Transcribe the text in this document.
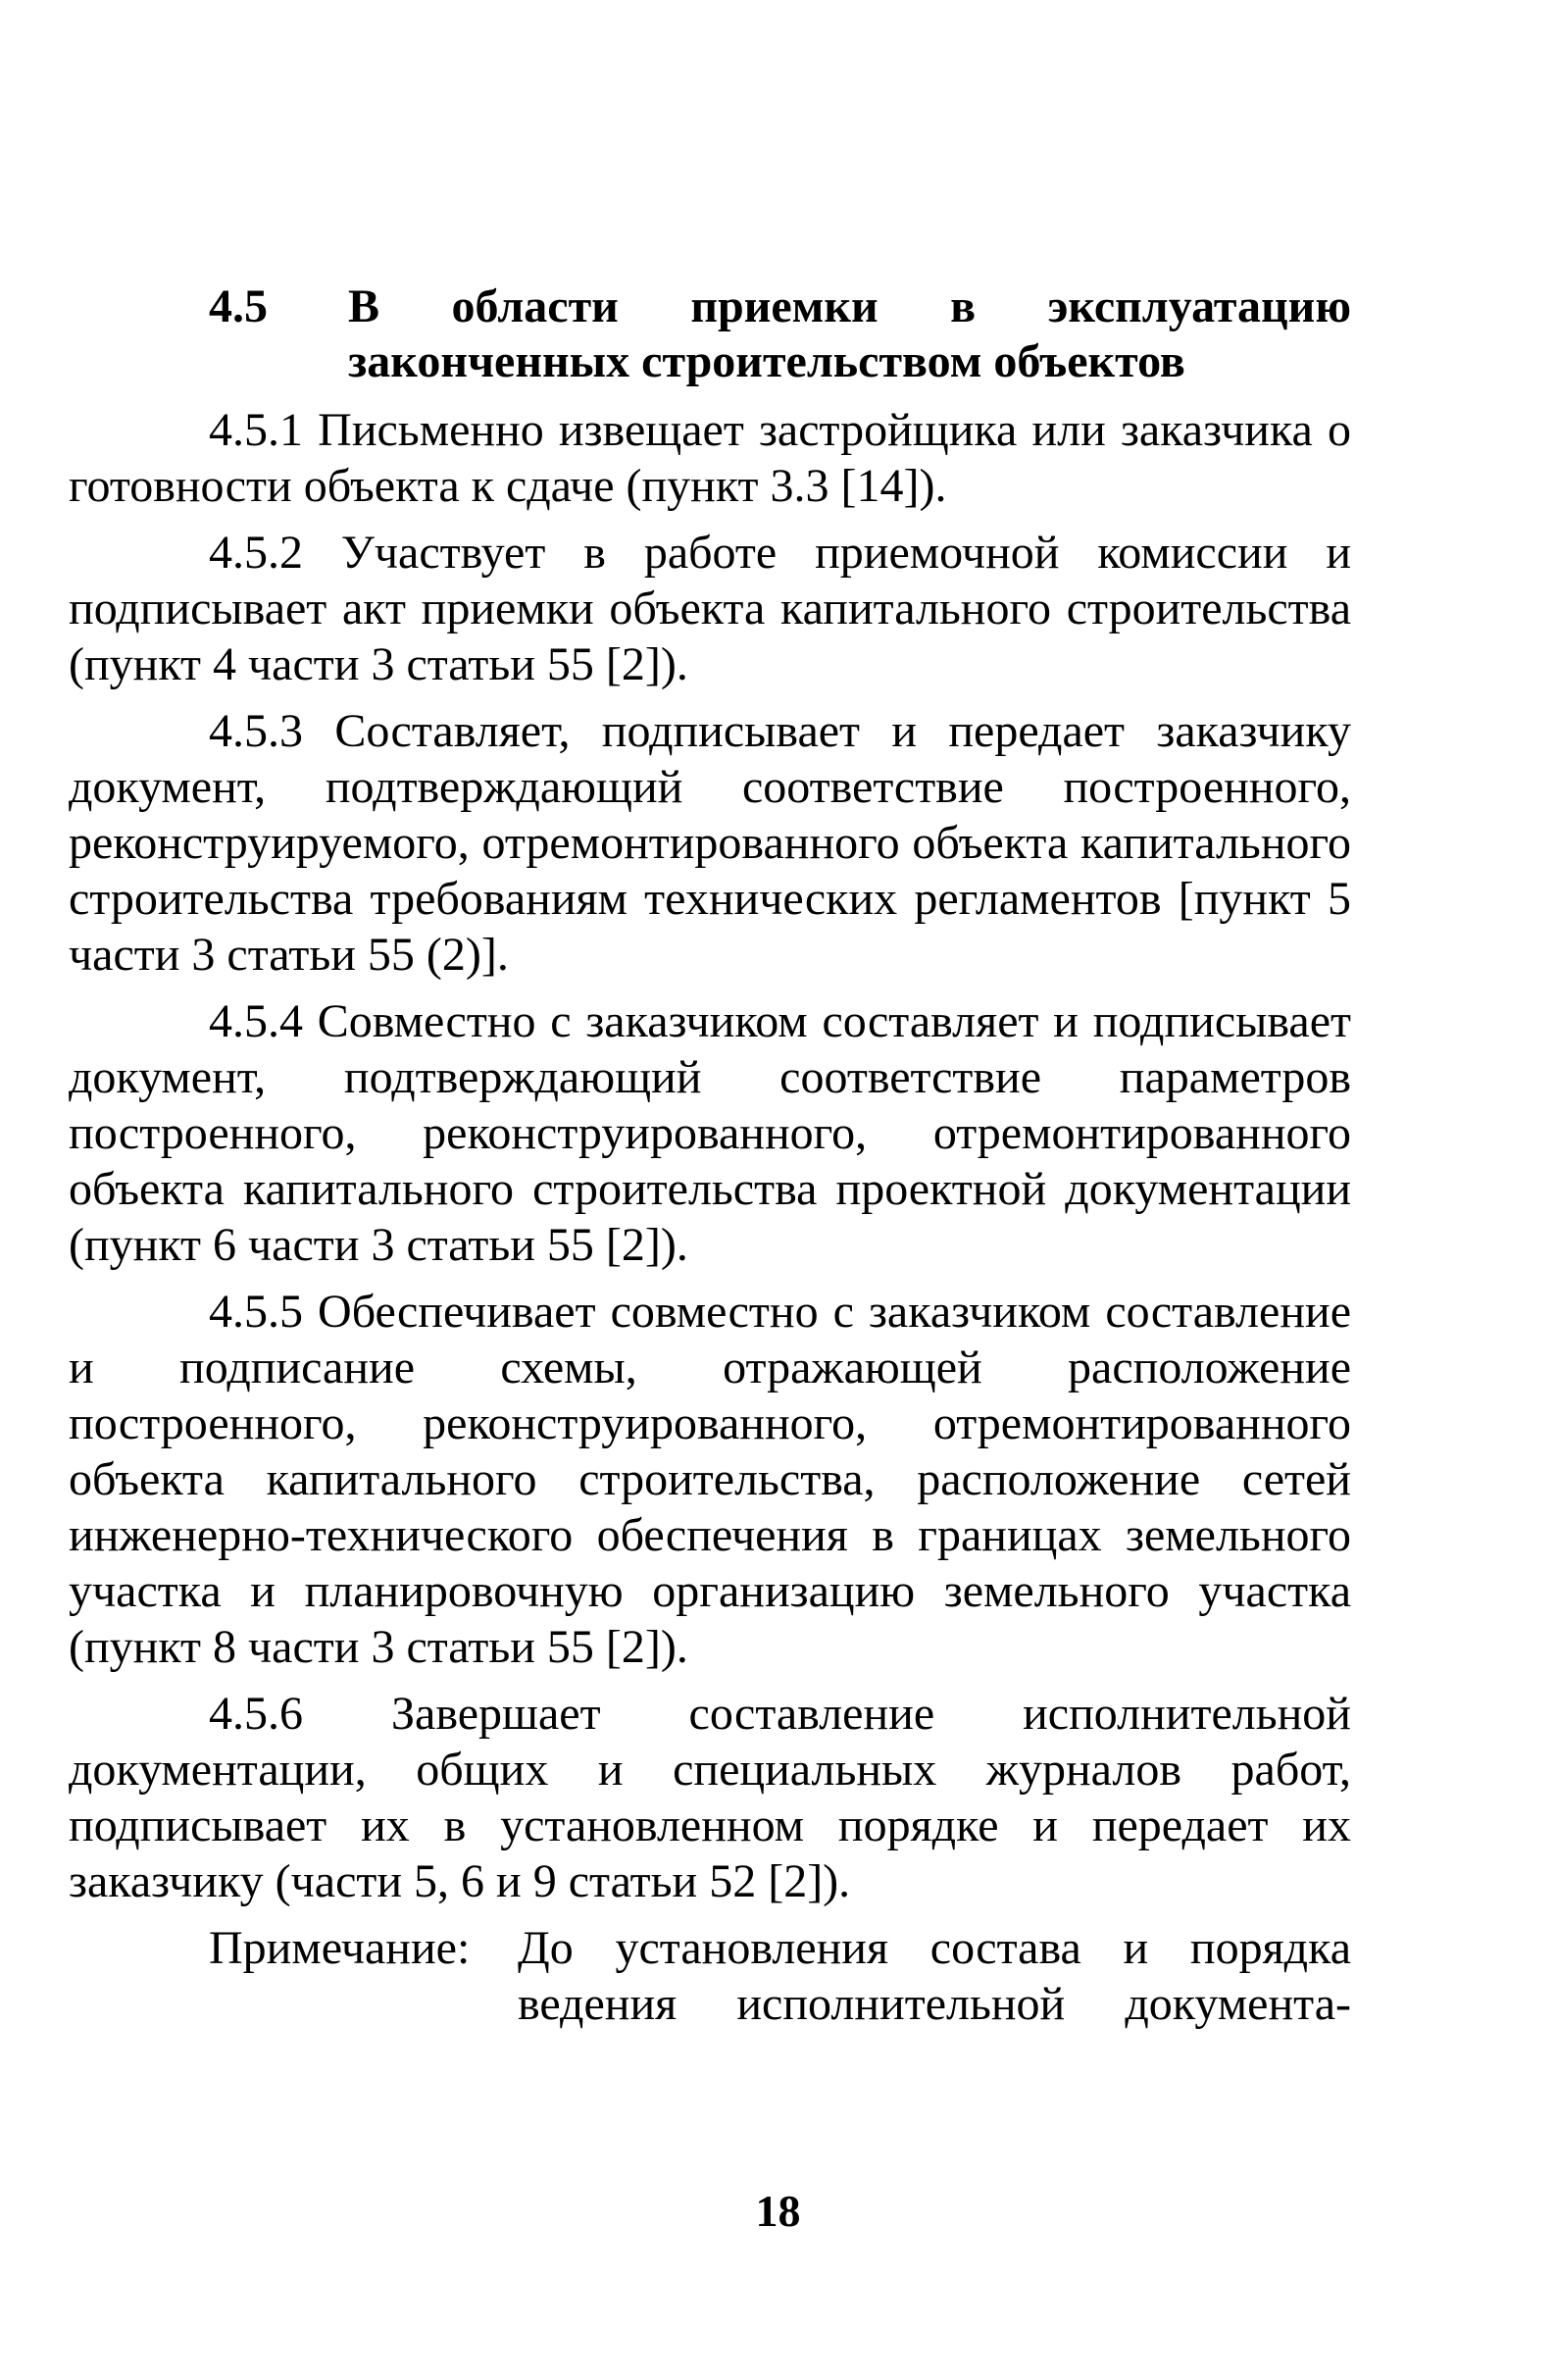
4.5	В области приемки в эксплуатацию законченных строительством объектов

4.5.1 Письменно извещает застройщика или заказчика о готовности объекта к сдаче (пункт 3.3 [14]).

4.5.2 Участвует в работе приемочной комиссии и подписывает акт приемки объекта капитального строительства (пункт 4 части 3 статьи 55 [2]).

4.5.3 Составляет, подписывает и передает заказчику документ, подтверждающий соответствие построенного, реконструируемого, отремонтированного объекта капитального строительства требованиям технических регламентов [пункт 5 части 3 статьи 55 (2)].

4.5.4 Совместно с заказчиком составляет и подписывает документ, подтверждающий соответствие параметров построенного, реконструированного, отремонтированного объекта капитального строительства проектной документации (пункт 6 части 3 статьи 55 [2]).

4.5.5 Обеспечивает совместно с заказчиком составление и подписание схемы, отражающей расположение построенного, реконструированного, отремонтированного объекта капитального строительства, расположение сетей инженерно-технического обеспечения в границах земельного участка и планировочную организацию земельного участка (пункт 8 части 3 статьи 55 [2]).

4.5.6 Завершает составление исполнительной документации, общих и специальных журналов работ, подписывает их в установленном порядке и передает их заказчику (части 5, 6 и 9 статьи 52 [2]).

Примечание: До установления состава и порядка ведения исполнительной документа-
18
